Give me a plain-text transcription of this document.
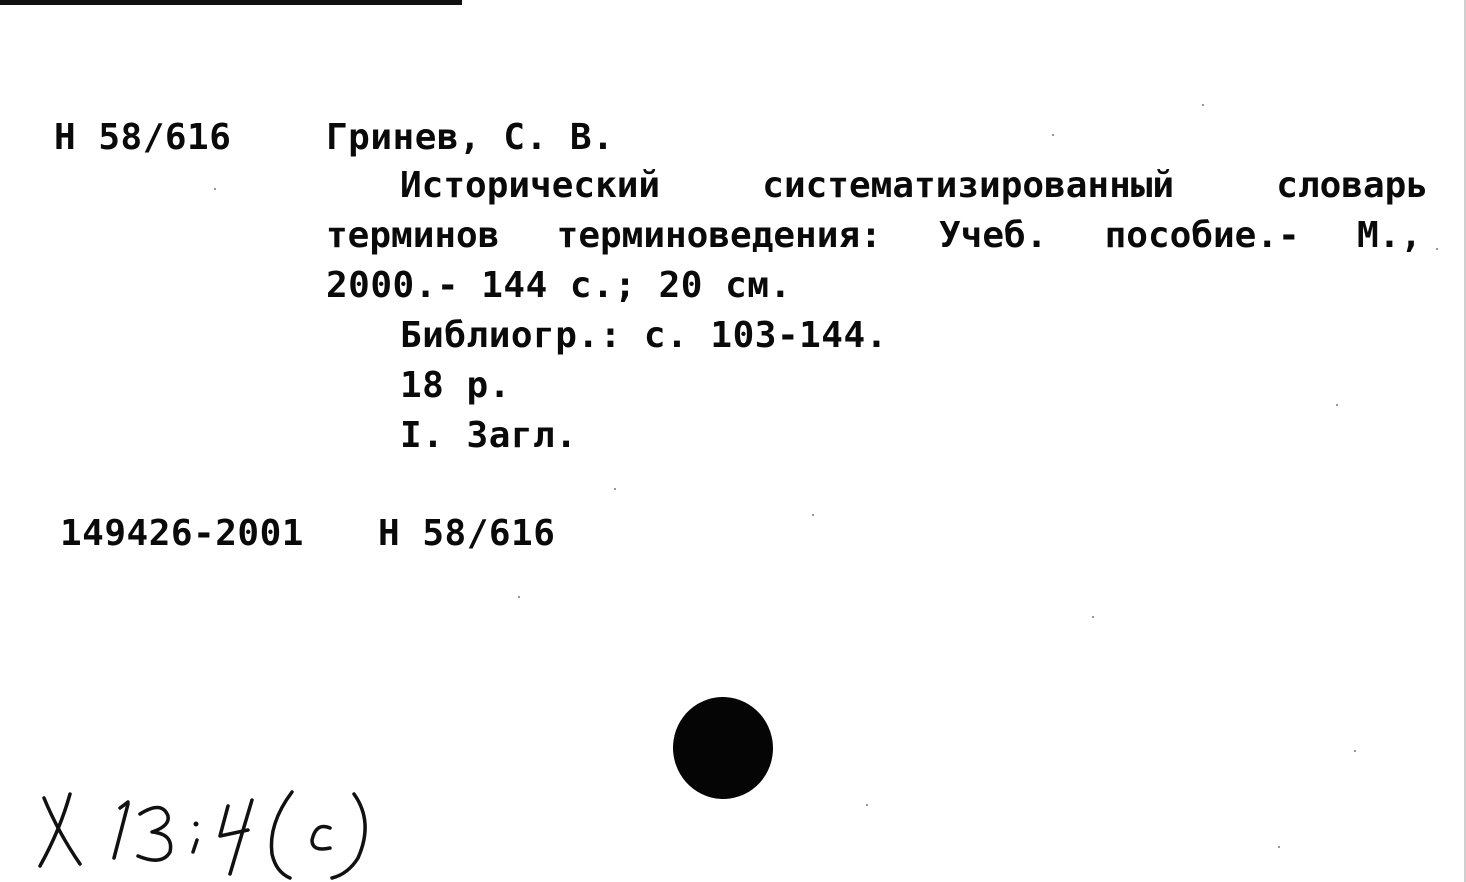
Н 58/616	Гринев, С. В.
Исторический	систематизированный	словарь
терминов терминоведения: Учеб. пособие.- М.,
2000.- 144 с.; 20 см.
Библиогр.: с. 103-144.
18 р.
I. Загл.
149426-2001 Н 58/616
